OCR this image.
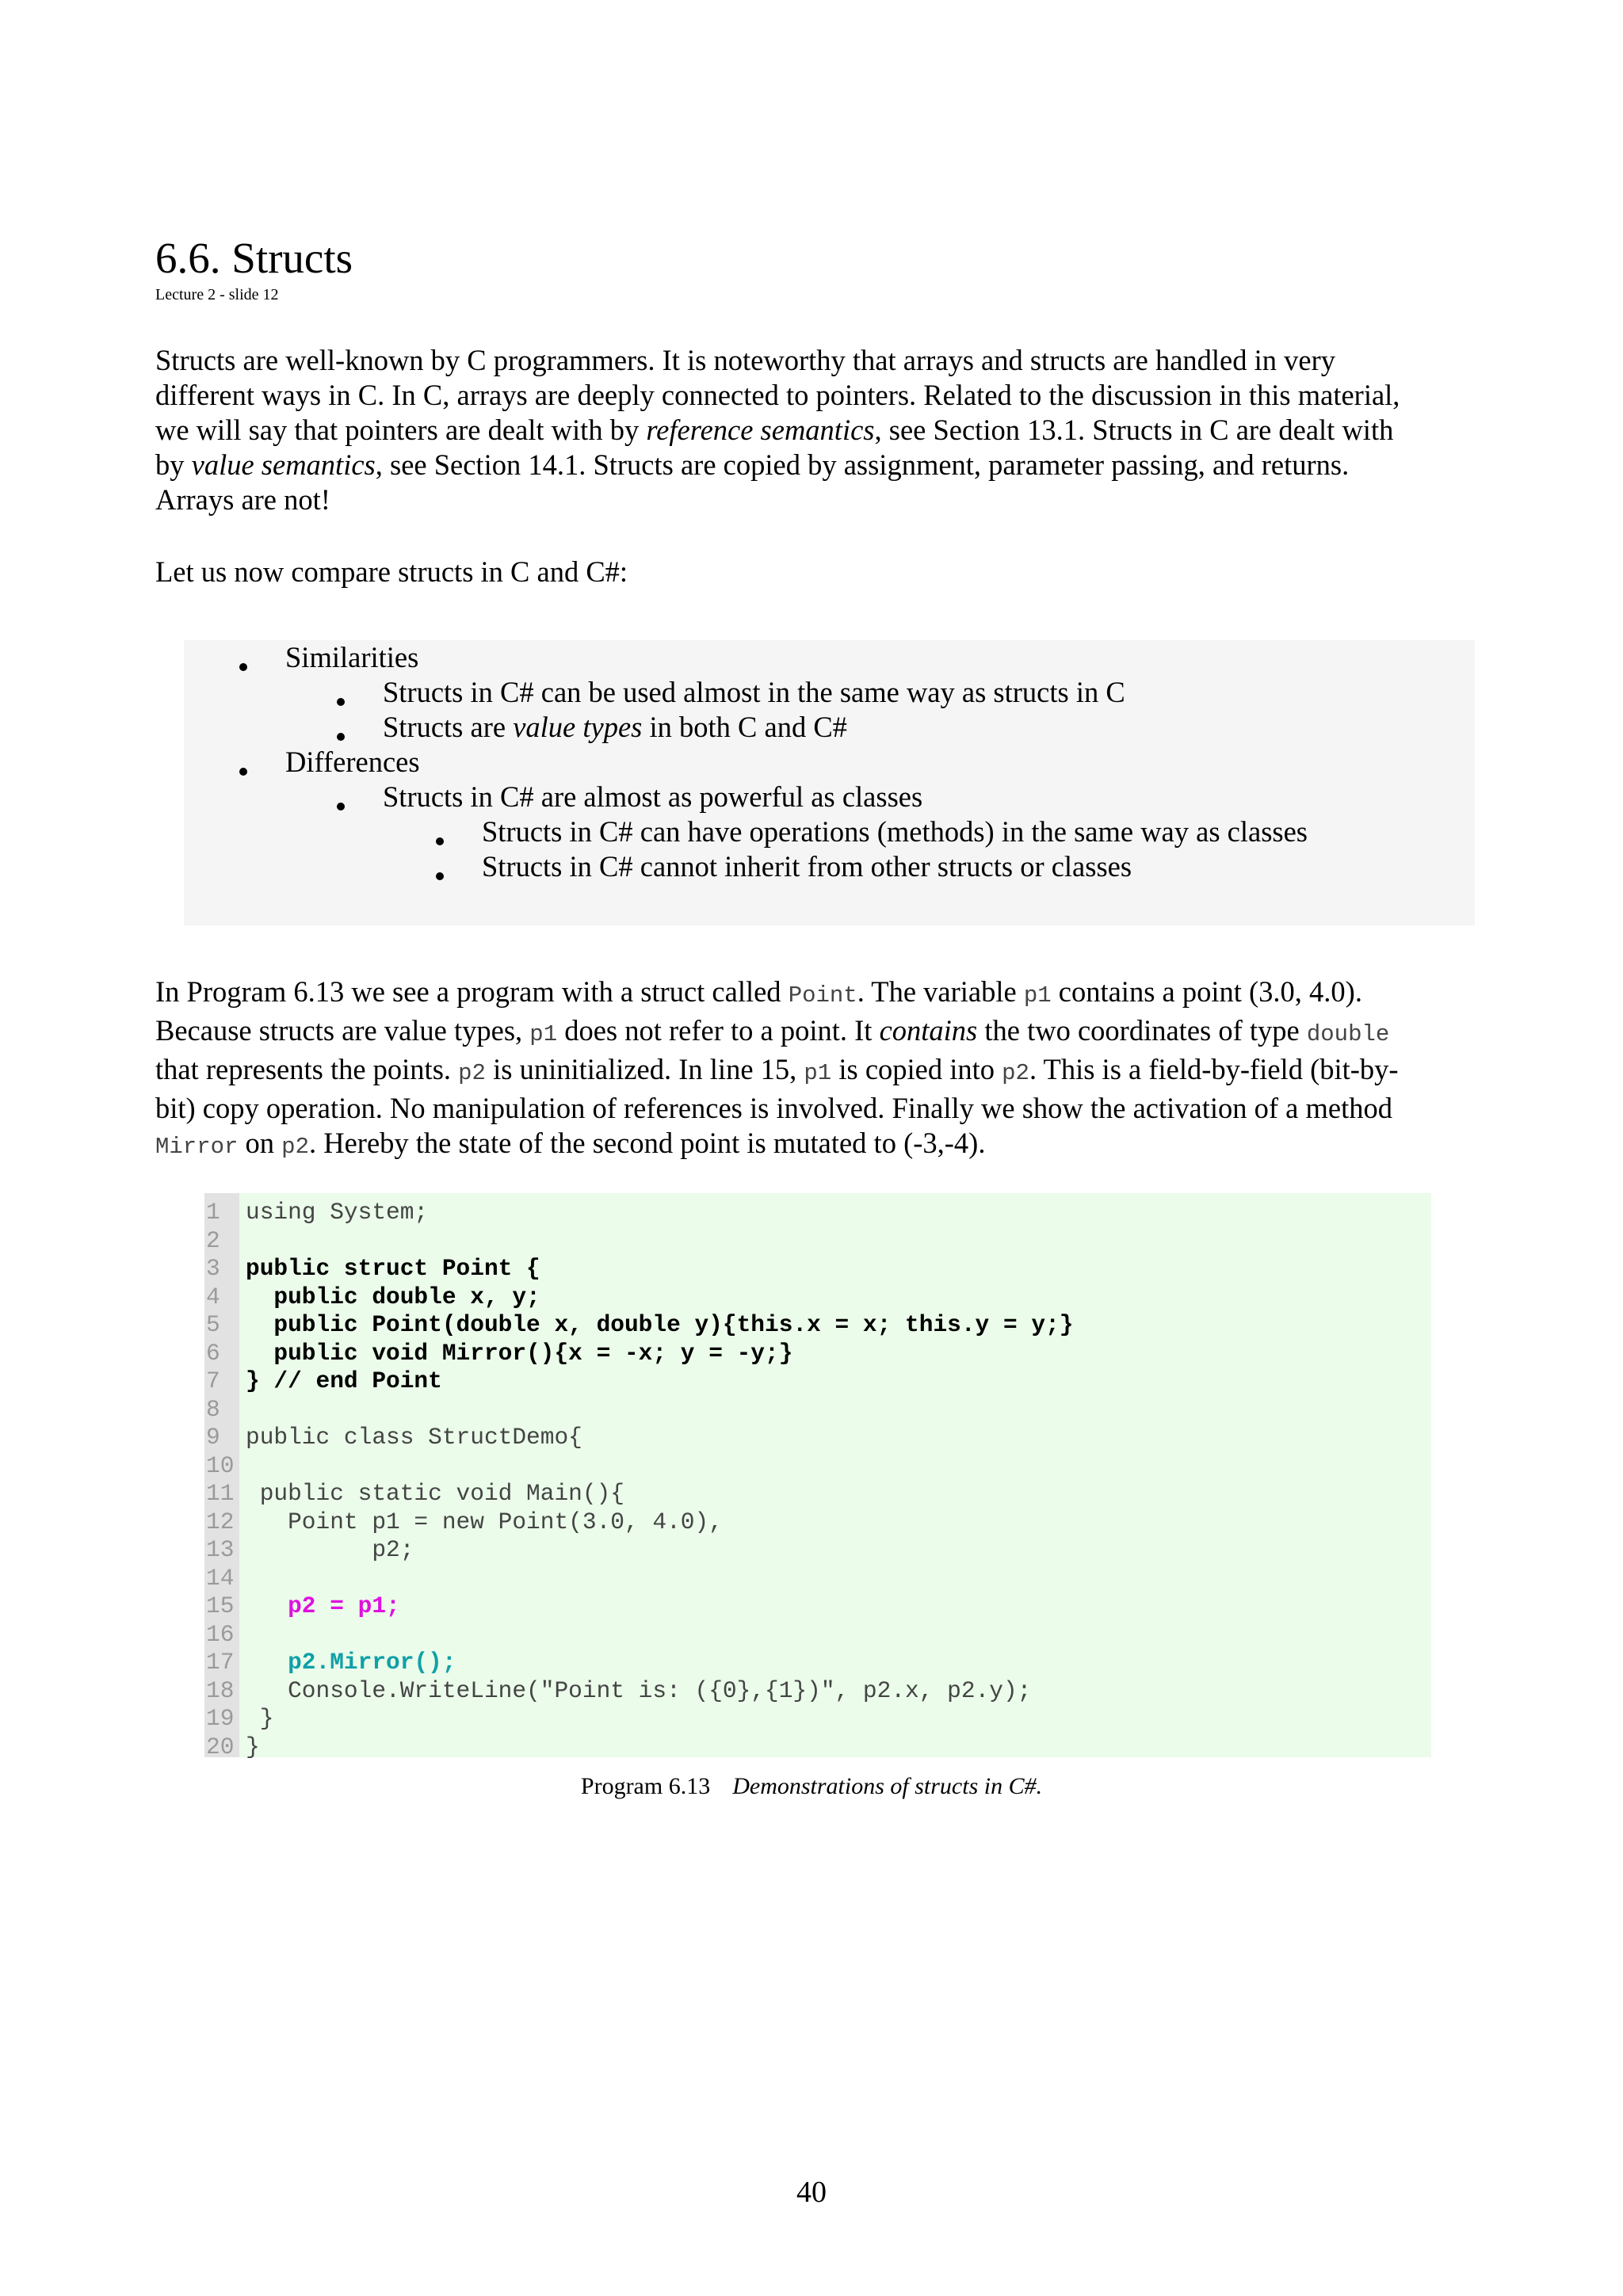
6.6. Structs
Lecture 2 - slide 12
Structs are well-known by C programmers. It is noteworthy that arrays and structs are handled in very
different ways in C. In C, arrays are deeply connected to pointers. Related to the discussion in this material,
we will say that pointers are dealt with by reference semantics, see Section 13.1. Structs in C are dealt with
by value semantics, see Section 14.1. Structs are copied by assignment, parameter passing, and returns.
Arrays are not!
Let us now compare structs in C and C#:
Similarities
Structs in C# can be used almost in the same way as structs in C
Structs are value types in both C and C#
Differences
Structs in C# are almost as powerful as classes
Structs in C# can have operations (methods) in the same way as classes
Structs in C# cannot inherit from other structs or classes
In Program 6.13 we see a program with a struct called Point. The variable p1 contains a point (3.0, 4.0).
Because structs are value types, p1 does not refer to a point. It contains the two coordinates of type double
that represents the points. p2 is uninitialized. In line 15, p1 is copied into p2. This is a field-by-field (bit-by-
bit) copy operation. No manipulation of references is involved. Finally we show the activation of a method
Mirror on p2. Hereby the state of the second point is mutated to (-3,-4).
1	using System;
2
3	public struct Point {
4	public double x, y;
5	public Point(double x, double y){this.x = x; this.y = y;}
6	public void Mirror(){x = -x; y = -y;}
7	} // end Point
8
9	public class StructDemo{
10
11 public static void Main(){
12 Point p1 = new Point(3.0, 4.0),
13 p2;
14
15 p2 = p1;
16
17 p2.Mirror();
18 Console.WriteLine("Point is: ({0},{1})", p2.x, p2.y);
19 }
20 }
Program 6.13 Demonstrations of structs in C#.
40
